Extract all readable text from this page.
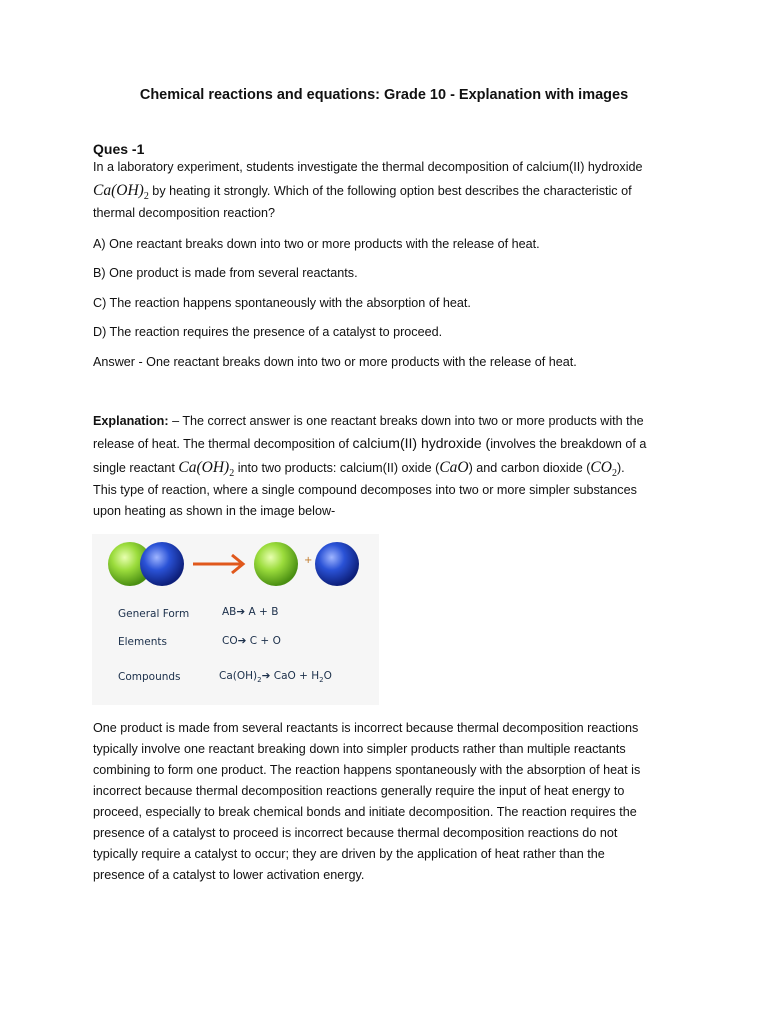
Chemical reactions and equations: Grade 10 - Explanation with images
Ques -1
In a laboratory experiment, students investigate the thermal decomposition of calcium(II) hydroxide
$Ca(OH)_2$ by heating it strongly. Which of the following option best describes the characteristic of
thermal decomposition reaction?
A) One reactant breaks down into two or more products with the release of heat.
B) One product is made from several reactants.
C) The reaction happens spontaneously with the absorption of heat.
D) The reaction requires the presence of a catalyst to proceed.
Answer - One reactant breaks down into two or more products with the release of heat.
Explanation: – The correct answer is one reactant breaks down into two or more products with the
release of heat. The thermal decomposition of calcium(II) hydroxide (involves the breakdown of a
single reactant $Ca(OH)_2$ into two products: calcium(II) oxide (CaO) and carbon dioxide $(CO_2)$.
This type of reaction, where a single compound decomposes into two or more simpler substances
upon heating as shown in the image below-
+
General Form	AB➔ A + B
Elements	CO➔ C + O
Compounds	$Ca(OH)_2➔$ CaO + $H_2O$
One product is made from several reactants is incorrect because thermal decomposition reactions
typically involve one reactant breaking down into simpler products rather than multiple reactants
combining to form one product. The reaction happens spontaneously with the absorption of heat is
incorrect because thermal decomposition reactions generally require the input of heat energy to
proceed, especially to break chemical bonds and initiate decomposition. The reaction requires the
presence of a catalyst to proceed is incorrect because thermal decomposition reactions do not
typically require a catalyst to occur; they are driven by the application of heat rather than the
presence of a catalyst to lower activation energy.
